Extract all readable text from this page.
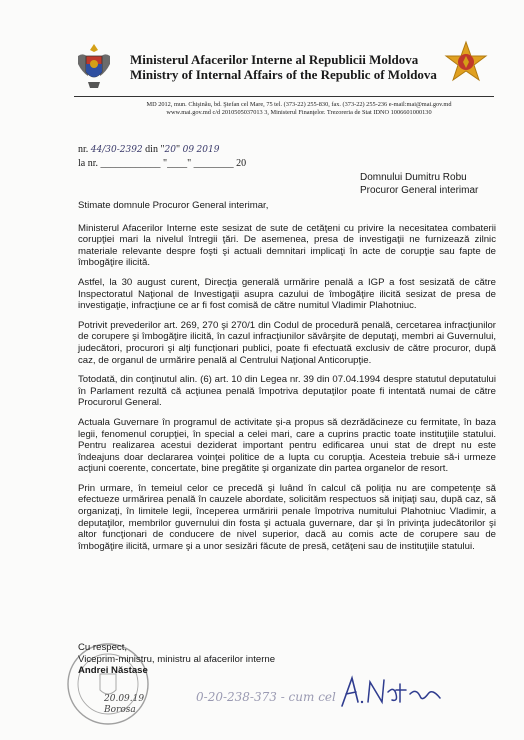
Ministerul Afacerilor Interne al Republicii Moldova
Ministry of Internal Affairs of the Republic of Moldova
MD 2012, mun. Chişinău, bd. Ştefan cel Mare, 75 tel. (373-22) 255-830, fax. (373-22) 255-236 e-mail:mai@mai.gov.md
www.mai.gov.md c/d 2010505037013 3, Ministerul Finanţelor. Trezoreria de Stat IDNO 1006601000130
nr. 44/30-2392 din "20" 09 2019
la nr. ____________ "____" ________ 20
Domnului Dumitru Robu
Procuror General interimar

Stimate domnule Procuror General interimar,

Ministerul Afacerilor Interne este sesizat de sute de cetăţeni cu privire la necesitatea combaterii corupţiei mari la nivelul întregii ţări. De asemenea, presa de investigaţii ne furnizează zilnic materiale relevante despre foşti şi actuali demnitari implicaţi în acte de corupţie sau fapte de îmbogăţire ilicită.

Astfel, la 30 august curent, Direcţia generală urmărire penală a IGP a fost sesizată de către Inspectoratul Naţional de Investigaţii asupra cazului de îmbogăţire ilicită sesizat de presa de investigaţie, infracţiune ce ar fi fost comisă de către numitul Vladimir Plahotniuc.

Potrivit prevederilor art. 269, 270 şi 270/1 din Codul de procedură penală, cercetarea infracţiunilor de corupere şi îmbogăţire ilicită, în cazul infracţiunilor săvârşite de deputaţi, membri ai Guvernului, judecători, procurori şi alţi funcţionari publici, poate fi efectuată exclusiv de către procuror, după caz, de organul de urmărire penală al Centrului Naţional Anticorupţie.

Totodată, din conţinutul alin. (6) art. 10 din Legea nr. 39 din 07.04.1994 despre statutul deputatului în Parlament rezultă că acţiunea penală împotriva deputaţilor poate fi intentată numai de către Procurorul General.

Actuala Guvernare în programul de activitate şi-a propus să dezrădăcineze cu fermitate, în baza legii, fenomenul corupţiei, în special a celei mari, care a cuprins practic toate instituţiile statului. Pentru realizarea acestui deziderat important pentru edificarea unui stat de drept nu este îndeajuns doar declararea voinţei politice de a lupta cu corupţia. Acesteia trebuie să-i urmeze acţiuni coerente, concertate, bine pregătite şi organizate din partea organelor de resort.

Prin urmare, în temeiul celor ce precedă şi luând în calcul că poliţia nu are competenţe să efectueze urmărirea penală în cauzele abordate, solicităm respectuos să iniţiaţi sau, după caz, să organizaţi, în limitele legii, începerea urmăririi penale împotriva numitului Plahotniuc Vladimir, a deputaţilor, membrilor guvernului din fosta şi actuala guvernare, dar şi în privinţa judecătorilor şi altor funcţionari de conducere de nivel superior, dacă au comis acte de corupere sau de îmbogăţire ilicită, urmare şi a unor sesizări făcute de presă, cetăţeni sau de instituţiile statului.

Cu respect,
Viceprim-ministru, ministru al afacerilor interne
Andrei Năstase
20.09.19
Borosa
0-20-238-373 - cum cel
